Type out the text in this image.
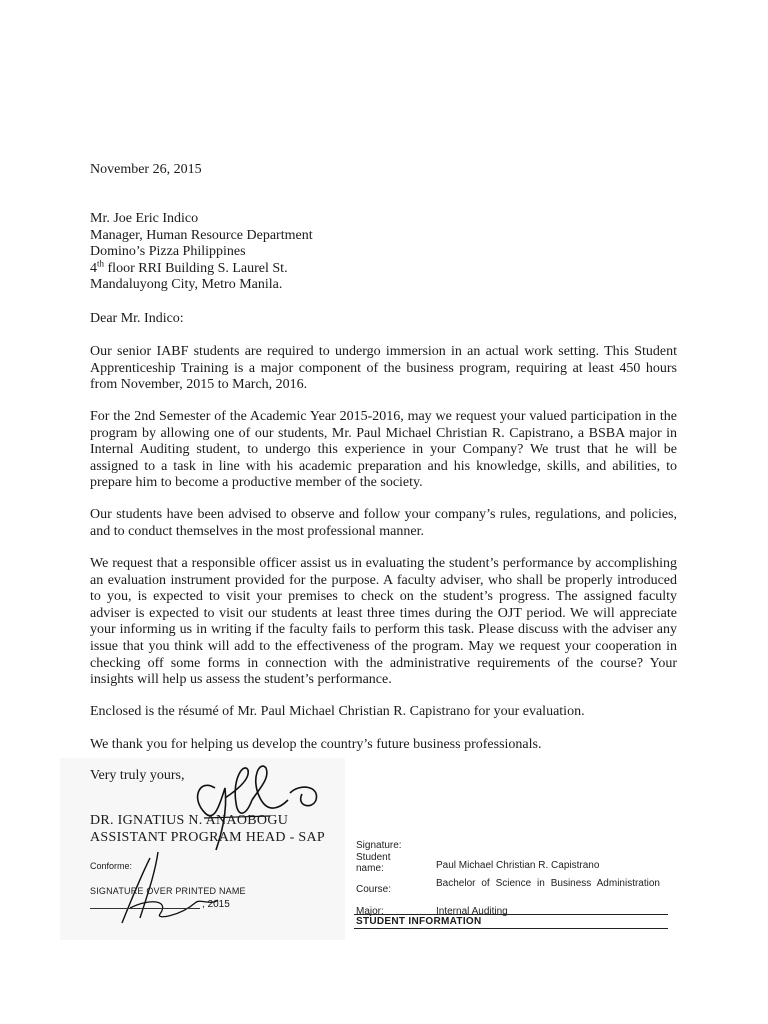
November 26, 2015
Mr. Joe Eric Indico
Manager, Human Resource Department
Domino’s Pizza Philippines
4th floor RRI Building S. Laurel St.
Mandaluyong City, Metro Manila.
Dear Mr. Indico:

Our senior IABF students are required to undergo immersion in an actual work setting. This Student Apprenticeship Training is a major component of the business program, requiring at least 450 hours from November, 2015 to March, 2016.

For the 2nd Semester of the Academic Year 2015-2016, may we request your valued participation in the program by allowing one of our students, Mr. Paul Michael Christian R. Capistrano, a BSBA major in Internal Auditing student, to undergo this experience in your Company? We trust that he will be assigned to a task in line with his academic preparation and his knowledge, skills, and abilities, to prepare him to become a productive member of the society.

Our students have been advised to observe and follow your company’s rules, regulations, and policies, and to conduct themselves in the most professional manner.

We request that a responsible officer assist us in evaluating the student’s performance by accomplishing an evaluation instrument provided for the purpose. A faculty adviser, who shall be properly introduced to you, is expected to visit your premises to check on the student’s progress. The assigned faculty adviser is expected to visit our students at least three times during the OJT period. We will appreciate your informing us in writing if the faculty fails to perform this task. Please discuss with the adviser any issue that you think will add to the effectiveness of the program. May we request your cooperation in checking off some forms in connection with the administrative requirements of the course? Your insights will help us assess the student’s performance.

Enclosed is the résumé of Mr. Paul Michael Christian R. Capistrano for your evaluation.

We thank you for helping us develop the country’s future business professionals.

Very truly yours,
DR. IGNATIUS N. ANAOBOGU
ASSISTANT PROGRAM HEAD - SAP
Conforme:
SIGNATURE OVER PRINTED NAME
, 2015
Signature:
Student name:	Paul Michael Christian R. Capistrano
Course:
Bachelor of Science in Business Administration
Major:	Internal Auditing
STUDENT INFORMATION
